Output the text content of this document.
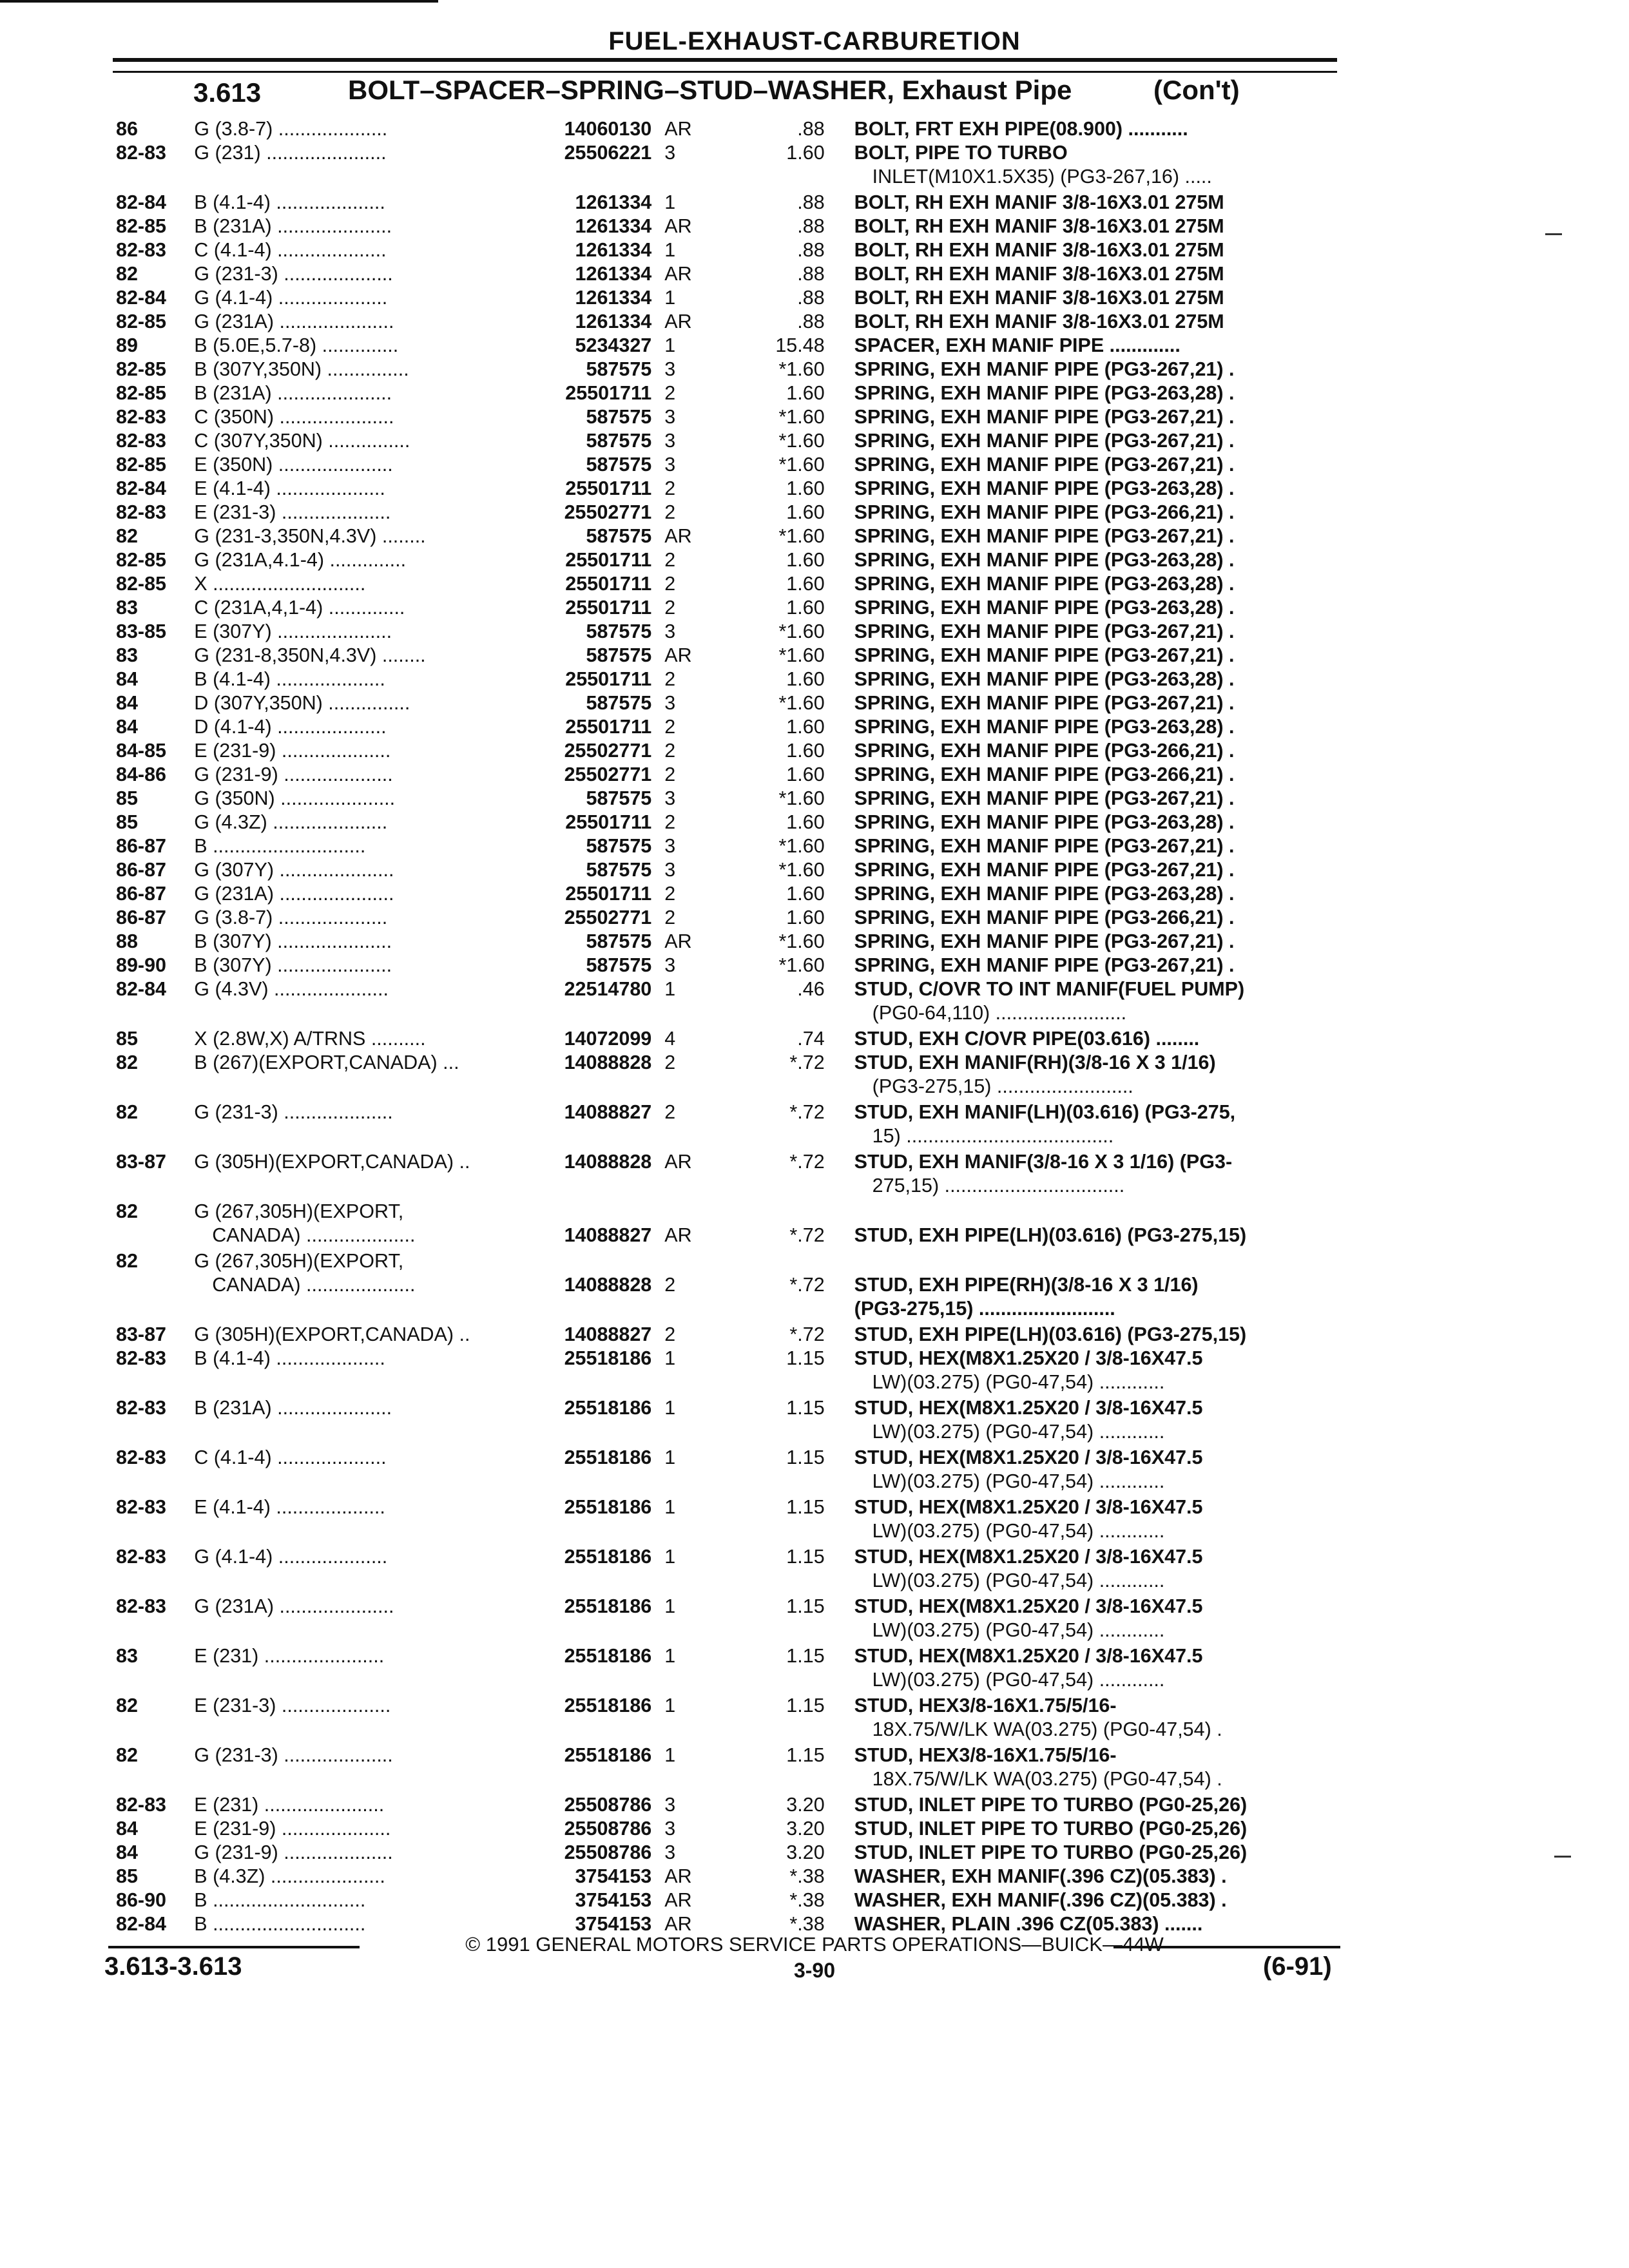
FUEL-EXHAUST-CARBURETION
3.613	BOLT–SPACER–SPRING–STUD–WASHER, Exhaust Pipe	(Con't)
86	G (3.8-7) ....................	14060130 AR	.88 BOLT, FRT EXH PIPE(08.900) ...........
82-83	G (231) ......................	25506221 3	1.60 BOLT, PIPE TO TURBO
INLET(M10X1.5X35) (PG3-267,16) .....
82-84	B (4.1-4) ....................	1261334 1	.88 BOLT, RH EXH MANIF 3/8-16X3.01 275M
82-85	B (231A) .....................	1261334 AR	.88 BOLT, RH EXH MANIF 3/8-16X3.01 275M
82-83	C (4.1-4) ....................	1261334 1	.88 BOLT, RH EXH MANIF 3/8-16X3.01 275M
82	G (231-3) ....................	1261334 AR	.88 BOLT, RH EXH MANIF 3/8-16X3.01 275M
82-84	G (4.1-4) ....................	1261334 1	.88 BOLT, RH EXH MANIF 3/8-16X3.01 275M
82-85	G (231A) .....................	1261334 AR	.88 BOLT, RH EXH MANIF 3/8-16X3.01 275M
89	B (5.0E,5.7-8) ..............	5234327 1	15.48 SPACER, EXH MANIF PIPE .............
82-85	B (307Y,350N) ...............	587575 3	*1.60 SPRING, EXH MANIF PIPE (PG3-267,21) .
82-85	B (231A) .....................	25501711 2	1.60 SPRING, EXH MANIF PIPE (PG3-263,28) .
82-83	C (350N) .....................	587575 3	*1.60 SPRING, EXH MANIF PIPE (PG3-267,21) .
82-83	C (307Y,350N) ...............	587575 3	*1.60 SPRING, EXH MANIF PIPE (PG3-267,21) .
82-85	E (350N) .....................	587575 3	*1.60 SPRING, EXH MANIF PIPE (PG3-267,21) .
82-84	E (4.1-4) ....................	25501711 2	1.60 SPRING, EXH MANIF PIPE (PG3-263,28) .
82-83	E (231-3) ....................	25502771 2	1.60 SPRING, EXH MANIF PIPE (PG3-266,21) .
82	G (231-3,350N,4.3V) ........	587575 AR	*1.60 SPRING, EXH MANIF PIPE (PG3-267,21) .
82-85	G (231A,4.1-4) ..............	25501711 2	1.60 SPRING, EXH MANIF PIPE (PG3-263,28) .
82-85	X ............................	25501711 2	1.60 SPRING, EXH MANIF PIPE (PG3-263,28) .
83	C (231A,4,1-4) ..............	25501711 2	1.60 SPRING, EXH MANIF PIPE (PG3-263,28) .
83-85	E (307Y) .....................	587575 3	*1.60 SPRING, EXH MANIF PIPE (PG3-267,21) .
83	G (231-8,350N,4.3V) ........	587575 AR	*1.60 SPRING, EXH MANIF PIPE (PG3-267,21) .
84	B (4.1-4) ....................	25501711 2	1.60 SPRING, EXH MANIF PIPE (PG3-263,28) .
84	D (307Y,350N) ...............	587575 3	*1.60 SPRING, EXH MANIF PIPE (PG3-267,21) .
84	D (4.1-4) ....................	25501711 2	1.60 SPRING, EXH MANIF PIPE (PG3-263,28) .
84-85	E (231-9) ....................	25502771 2	1.60 SPRING, EXH MANIF PIPE (PG3-266,21) .
84-86	G (231-9) ....................	25502771 2	1.60 SPRING, EXH MANIF PIPE (PG3-266,21) .
85	G (350N) .....................	587575 3	*1.60 SPRING, EXH MANIF PIPE (PG3-267,21) .
85	G (4.3Z) .....................	25501711 2	1.60 SPRING, EXH MANIF PIPE (PG3-263,28) .
86-87	B ............................	587575 3	*1.60 SPRING, EXH MANIF PIPE (PG3-267,21) .
86-87	G (307Y) .....................	587575 3	*1.60 SPRING, EXH MANIF PIPE (PG3-267,21) .
86-87	G (231A) .....................	25501711 2	1.60 SPRING, EXH MANIF PIPE (PG3-263,28) .
86-87	G (3.8-7) ....................	25502771 2	1.60 SPRING, EXH MANIF PIPE (PG3-266,21) .
88	B (307Y) .....................	587575 AR	*1.60 SPRING, EXH MANIF PIPE (PG3-267,21) .
89-90	B (307Y) .....................	587575 3	*1.60 SPRING, EXH MANIF PIPE (PG3-267,21) .
82-84	G (4.3V) .....................	22514780 1	.46 STUD, C/OVR TO INT MANIF(FUEL PUMP)
(PG0-64,110) ........................
85	X (2.8W,X) A/TRNS ..........	14072099 4	.74 STUD, EXH C/OVR PIPE(03.616) ........
82	B (267)(EXPORT,CANADA) ...	14088828 2	*.72 STUD, EXH MANIF(RH)(3/8-16 X 3 1/16)
(PG3-275,15) .........................
82	G (231-3) ....................	14088827 2	*.72 STUD, EXH MANIF(LH)(03.616) (PG3-275,
15) ......................................
83-87	G (305H)(EXPORT,CANADA) ..	14088828 AR	*.72 STUD, EXH MANIF(3/8-16 X 3 1/16) (PG3-
275,15) .................................
82	G (267,305H)(EXPORT,
CANADA) ....................	14088827 AR	*.72 STUD, EXH PIPE(LH)(03.616) (PG3-275,15)
82	G (267,305H)(EXPORT,
CANADA) ....................	14088828 2	*.72 STUD, EXH PIPE(RH)(3/8-16 X 3 1/16)
(PG3-275,15) .........................
83-87	G (305H)(EXPORT,CANADA) ..	14088827 2	*.72 STUD, EXH PIPE(LH)(03.616) (PG3-275,15)
82-83	B (4.1-4) ....................	25518186 1	1.15 STUD, HEX(M8X1.25X20 / 3/8-16X47.5
LW)(03.275) (PG0-47,54) ............
82-83	B (231A) .....................	25518186 1	1.15 STUD, HEX(M8X1.25X20 / 3/8-16X47.5
LW)(03.275) (PG0-47,54) ............
82-83	C (4.1-4) ....................	25518186 1	1.15 STUD, HEX(M8X1.25X20 / 3/8-16X47.5
LW)(03.275) (PG0-47,54) ............
82-83	E (4.1-4) ....................	25518186 1	1.15 STUD, HEX(M8X1.25X20 / 3/8-16X47.5
LW)(03.275) (PG0-47,54) ............
82-83	G (4.1-4) ....................	25518186 1	1.15 STUD, HEX(M8X1.25X20 / 3/8-16X47.5
LW)(03.275) (PG0-47,54) ............
82-83	G (231A) .....................	25518186 1	1.15 STUD, HEX(M8X1.25X20 / 3/8-16X47.5
LW)(03.275) (PG0-47,54) ............
83	E (231) ......................	25518186 1	1.15 STUD, HEX(M8X1.25X20 / 3/8-16X47.5
LW)(03.275) (PG0-47,54) ............
82	E (231-3) ....................	25518186 1	1.15 STUD, HEX3/8-16X1.75/5/16-
18X.75/W/LK WA(03.275) (PG0-47,54) .
82	G (231-3) ....................	25518186 1	1.15 STUD, HEX3/8-16X1.75/5/16-
18X.75/W/LK WA(03.275) (PG0-47,54) .
82-83	E (231) ......................	25508786 3	3.20 STUD, INLET PIPE TO TURBO (PG0-25,26)
84	E (231-9) ....................	25508786 3	3.20 STUD, INLET PIPE TO TURBO (PG0-25,26)
84	G (231-9) ....................	25508786 3	3.20 STUD, INLET PIPE TO TURBO (PG0-25,26)
85	B (4.3Z) .....................	3754153 AR	*.38 WASHER, EXH MANIF(.396 CZ)(05.383) .
86-90	B ............................	3754153 AR	*.38 WASHER, EXH MANIF(.396 CZ)(05.383) .
82-84	B ............................	3754153 AR	*.38 WASHER, PLAIN .396 CZ(05.383) .......
© 1991 GENERAL MOTORS SERVICE PARTS OPERATIONS—BUICK—44W
3.613-3.613	3-90	(6-91)
